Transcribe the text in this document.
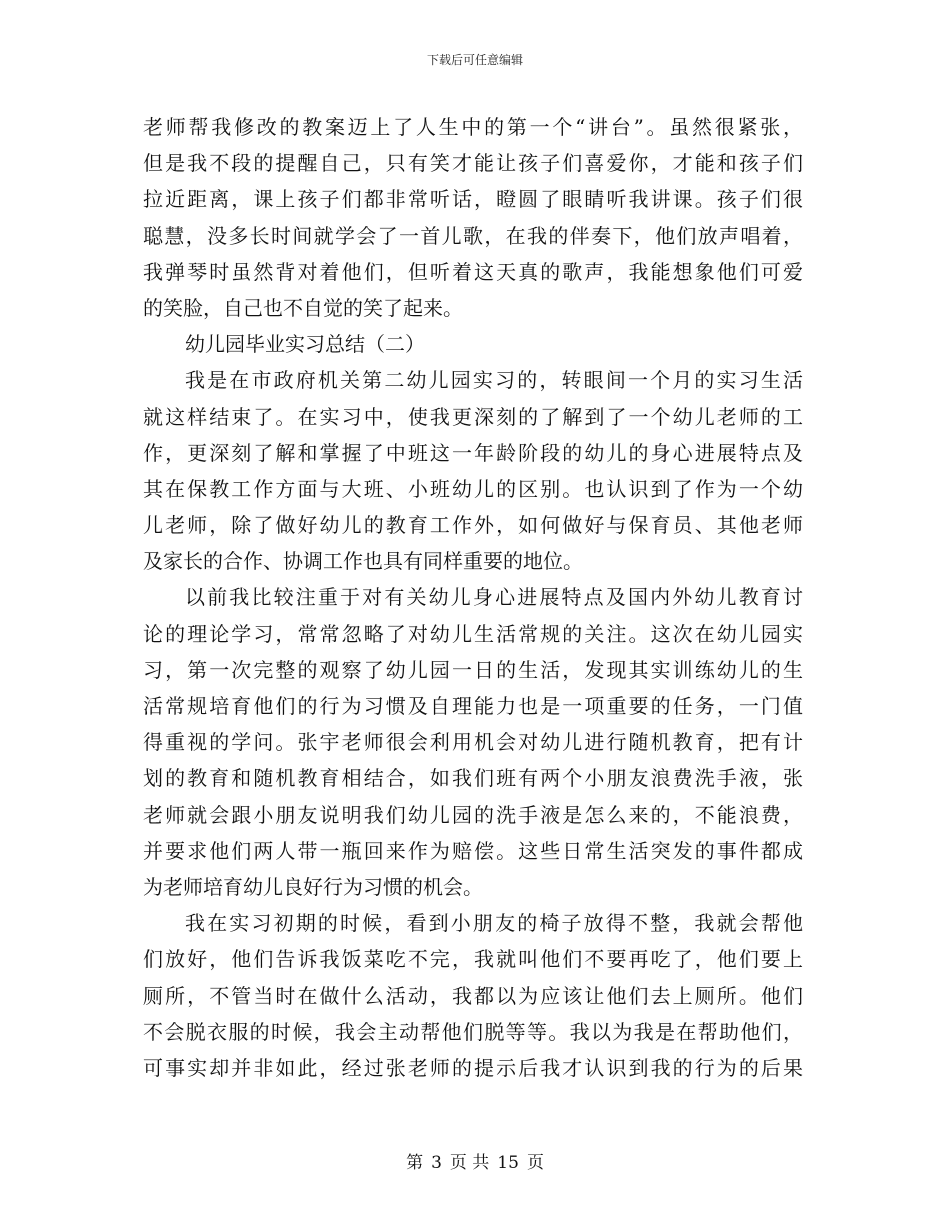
下载后可任意编辑
老师帮我修改的教案迈上了人生中的第一个“讲台”。虽然很紧张，
但是我不段的提醒自己，只有笑才能让孩子们喜爱你，才能和孩子们
拉近距离，课上孩子们都非常听话，瞪圆了眼睛听我讲课。孩子们很
聪慧，没多长时间就学会了一首儿歌，在我的伴奏下，他们放声唱着，
我弹琴时虽然背对着他们，但听着这天真的歌声，我能想象他们可爱
的笑脸，自己也不自觉的笑了起来。
幼儿园毕业实习总结（二）
我是在市政府机关第二幼儿园实习的，转眼间一个月的实习生活
就这样结束了。在实习中，使我更深刻的了解到了一个幼儿老师的工
作，更深刻了解和掌握了中班这一年龄阶段的幼儿的身心进展特点及
其在保教工作方面与大班、小班幼儿的区别。也认识到了作为一个幼
儿老师，除了做好幼儿的教育工作外，如何做好与保育员、其他老师
及家长的合作、协调工作也具有同样重要的地位。
以前我比较注重于对有关幼儿身心进展特点及国内外幼儿教育讨
论的理论学习，常常忽略了对幼儿生活常规的关注。这次在幼儿园实
习，第一次完整的观察了幼儿园一日的生活，发现其实训练幼儿的生
活常规培育他们的行为习惯及自理能力也是一项重要的任务，一门值
得重视的学问。张宇老师很会利用机会对幼儿进行随机教育，把有计
划的教育和随机教育相结合，如我们班有两个小朋友浪费洗手液，张
老师就会跟小朋友说明我们幼儿园的洗手液是怎么来的，不能浪费，
并要求他们两人带一瓶回来作为赔偿。这些日常生活突发的事件都成
为老师培育幼儿良好行为习惯的机会。
我在实习初期的时候，看到小朋友的椅子放得不整，我就会帮他
们放好，他们告诉我饭菜吃不完，我就叫他们不要再吃了，他们要上
厕所，不管当时在做什么活动，我都以为应该让他们去上厕所。他们
不会脱衣服的时候，我会主动帮他们脱等等。我以为我是在帮助他们，
可事实却并非如此，经过张老师的提示后我才认识到我的行为的后果
第 3 页 共 15 页
